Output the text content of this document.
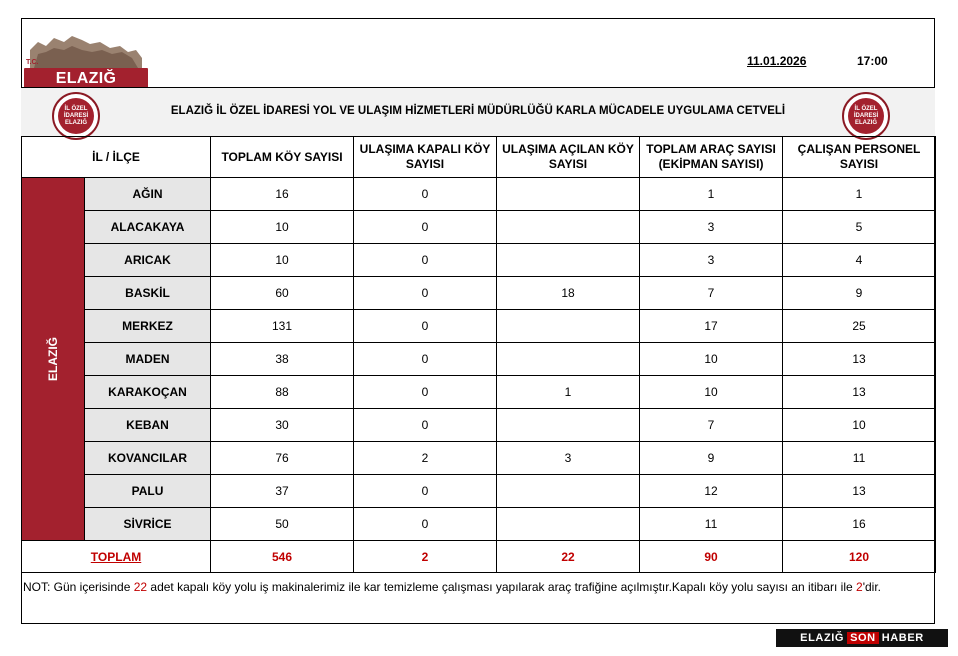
T.C.
ELAZIĞ
11.01.2026	17:00
ELAZIĞ İL ÖZEL İDARESİ YOL VE ULAŞIM HİZMETLERİ MÜDÜRLÜĞÜ KARLA MÜCADELE UYGULAMA CETVELİ
İL ÖZEL İDARESİ ELAZIĞ
İL ÖZEL İDARESİ ELAZIĞ
İL / İLÇE		TOPLAM KÖY SAYISI	ULAŞIMA KAPALI KÖY SAYISI	ULAŞIMA AÇILAN KÖY SAYISI	TOPLAM ARAÇ SAYISI (EKİPMAN SAYISI)	ÇALIŞAN PERSONEL SAYISI
ELAZIĞ	AĞIN	16	0		1	1
	ALACAKAYA	10	0		3	5
	ARICAK	10	0		3	4
	BASKİL	60	0	18	7	9
	MERKEZ	131	0		17	25
	MADEN	38	0		10	13
	KARAKOÇAN	88	0	1	10	13
	KEBAN	30	0		7	10
	KOVANCILAR	76	2	3	9	11
	PALU	37	0		12	13
	SİVRİCE	50	0		11	16
TOPLAM		546	2	22	90	120
NOT: Gün içerisinde 22 adet kapalı köy yolu iş makinalerimiz ile kar temizleme çalışması yapılarak araç trafiğine açılmıştır.Kapalı köy yolu sayısı an itibarı ile 2'dir.
ELAZIĞ SON HABER
